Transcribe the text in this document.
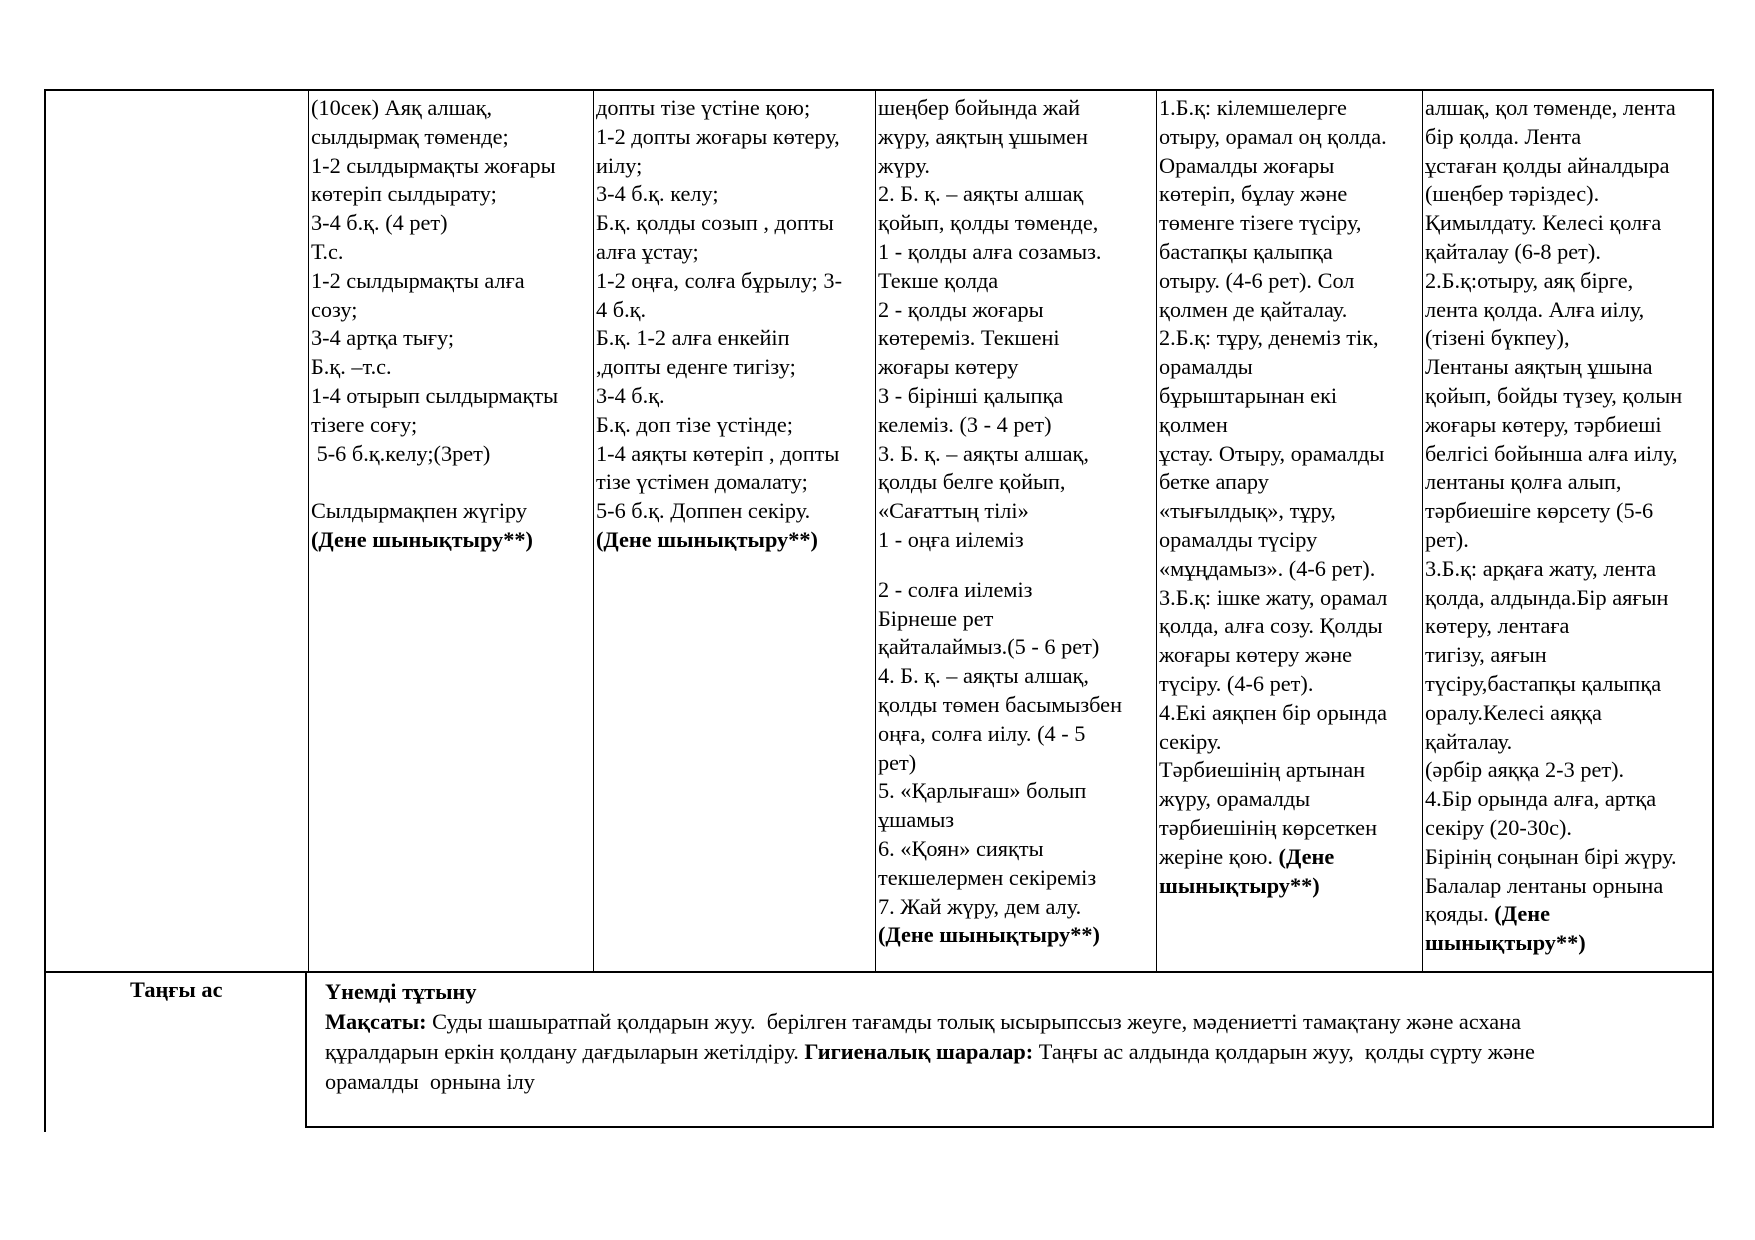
(10сек) Аяқ алшақ,
сылдырмақ төменде;
1-2 сылдырмақты жоғары
көтеріп сылдырату;
3-4 б.қ. (4 рет)
Т.с.
1-2 сылдырмақты алға
созу;
3-4 артқа тығу;
Б.қ. –т.с.
1-4 отырып сылдырмақты
тізеге соғу;
5-6 б.қ.келу;(3рет)
Сылдырмақпен жүгіру
(Дене шынықтыру**)
допты тізе үстіне қою;
1-2 допты жоғары көтеру,
иілу;
3-4 б.қ. келу;
Б.қ. қолды созып , допты
алға ұстау;
1-2 оңға, солға бұрылу; 3-
4 б.қ.
Б.қ. 1-2 алға енкейіп
,допты еденге тигізу;
3-4 б.қ.
Б.қ. доп тізе үстінде;
1-4 аяқты көтеріп , допты
тізе үстімен домалату;
5-6 б.қ. Доппен секіру.
(Дене шынықтыру**)
шеңбер бойында жай
жүру, аяқтың ұшымен
жүру.
2. Б. қ. – аяқты алшақ
қойып, қолды төменде,
1 - қолды алға созамыз.
Текше қолда
2 - қолды жоғары
көтереміз. Текшені
жоғары көтеру
3 - бірінші қалыпқа
келеміз. (3 - 4 рет)
3. Б. қ. – аяқты алшақ,
қолды белге қойып,
«Сағаттың тілі»
1 - оңға иілеміз
2 - солға иілеміз
Бірнеше рет
қайталаймыз.(5 - 6 рет)
4. Б. қ. – аяқты алшақ,
қолды төмен басымызбен
оңға, солға иілу. (4 - 5
рет)
5. «Қарлығаш» болып
ұшамыз
6. «Қоян» сияқты
текшелермен секіреміз
7. Жай жүру, дем алу.
(Дене шынықтыру**)
1.Б.қ: кілемшелерге
отыру, орамал оң қолда.
Орамалды жоғары
көтеріп, бұлау және
төменге тізеге түсіру,
бастапқы қалыпқа
отыру. (4-6 рет). Сол
қолмен де қайталау.
2.Б.қ: тұру, денеміз тік,
орамалды
бұрыштарынан екі
қолмен
ұстау. Отыру, орамалды
бетке апару
«тығылдық», тұру,
орамалды түсіру
«мұңдамыз». (4-6 рет).
3.Б.қ: ішке жату, орамал
қолда, алға созу. Қолды
жоғары көтеру және
түсіру. (4-6 рет).
4.Екі аяқпен бір орында
секіру.
Тәрбиешінің артынан
жүру, орамалды
тәрбиешінің көрсеткен
жеріне қою. (Дене
шынықтыру**)
алшақ, қол төменде, лента
бір қолда. Лента
ұстаған қолды айналдыра
(шеңбер тәріздес).
Қимылдату. Келесі қолға
қайталау (6-8 рет).
2.Б.қ:отыру, аяқ бірге,
лента қолда. Алға иілу,
(тізені бүкпеу),
Лентаны аяқтың ұшына
қойып, бойды түзеу, қолын
жоғары көтеру, тәрбиеші
белгісі бойынша алға иілу,
лентаны қолға алып,
тәрбиешіге көрсету (5-6
рет).
3.Б.қ: арқаға жату, лента
қолда, алдында.Бір аяғын
көтеру, лентаға
тигізу, аяғын
түсіру,бастапқы қалыпқа
оралу.Келесі аяққа
қайталау.
(әрбір аяққа 2-3 рет).
4.Бір орында алға, артқа
секіру (20-30с).
Бірінің соңынан бірі жүру.
Балалар лентаны орнына
қояды. (Дене
шынықтыру**)
Таңғы ас	Үнемді тұтыну
Мақсаты: Суды шашыратпай қолдарын жуу.  берілген тағамды толық ысырыпссыз жеуге, мәдениетті тамақтану және асхана
құралдарын еркін қолдану дағдыларын жетілдіру. Гигиеналық шаралар: Таңғы ас алдында қолдарын жуу,  қолды сүрту және
орамалды  орнына ілу
